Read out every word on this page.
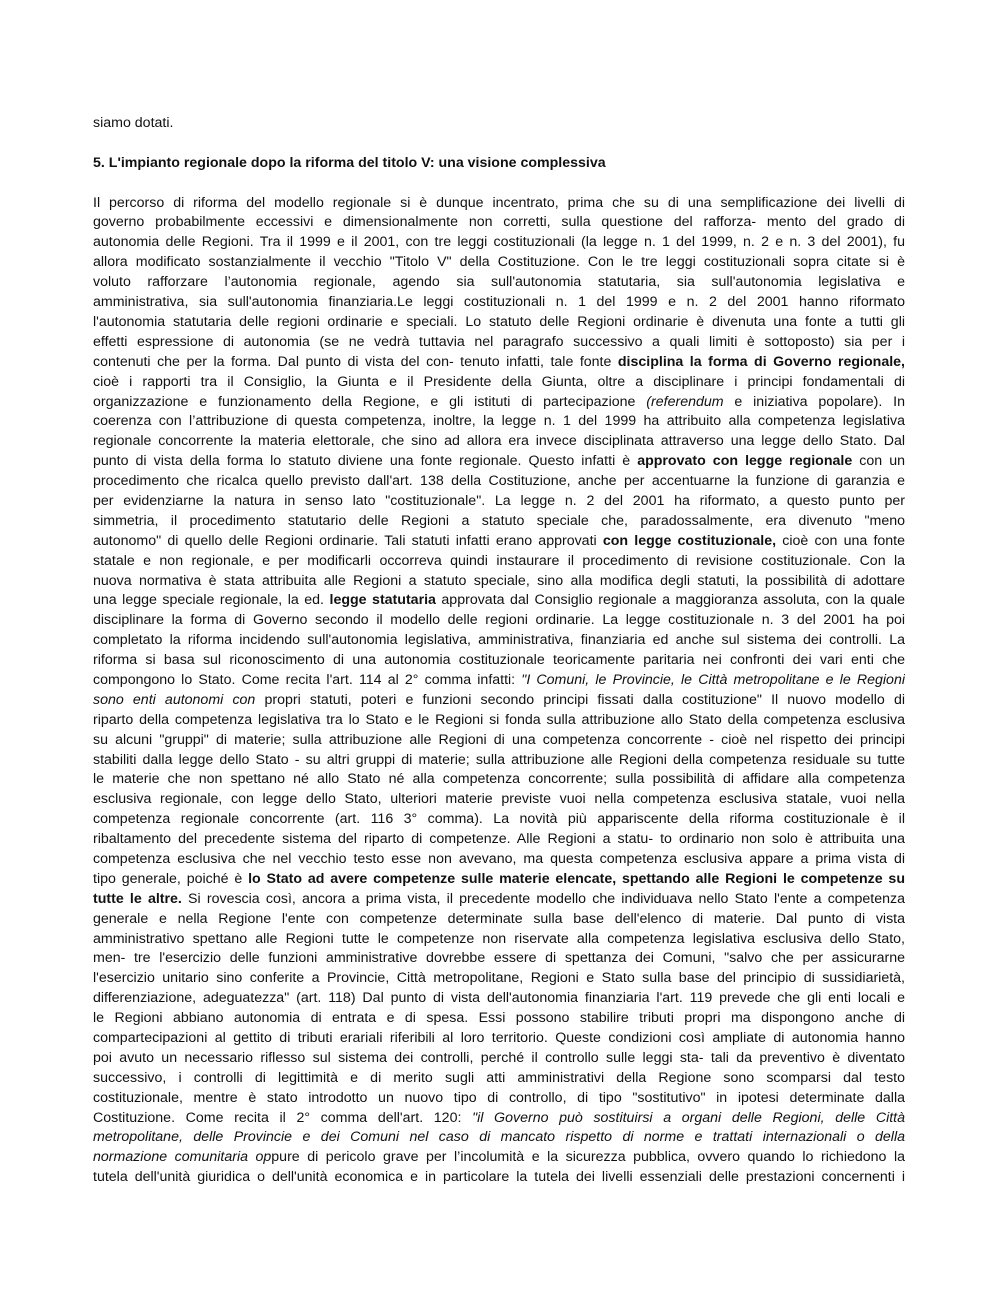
siamo dotati.
5. L'impianto regionale dopo la riforma del titolo V: una visione complessiva
Il percorso di riforma del modello regionale si è dunque incentrato, prima che su di una semplificazione dei livelli di
governo probabilmente eccessivi e dimensionalmente non corretti, sulla questione del rafforza- mento del grado di
autonomia delle Regioni. Tra il 1999 e il 2001, con tre leggi costituzionali (la legge n. 1 del 1999, n. 2 e n. 3 del 2001), fu
allora modificato sostanzialmente il vecchio "Titolo V" della Costituzione. Con le tre leggi costituzionali sopra citate si è
voluto rafforzare l’autonomia regionale, agendo sia sull'autonomia statutaria, sia sull'autonomia legislativa e
amministrativa, sia sull'autonomia finanziaria.Le leggi costituzionali n. 1 del 1999 e n. 2 del 2001 hanno riformato
l'autonomia statutaria delle regioni ordinarie e speciali. Lo statuto delle Regioni ordinarie è divenuta una fonte a tutti gli
effetti espressione di autonomia (se ne vedrà tuttavia nel paragrafo successivo a quali limiti è sottoposto) sia per i
contenuti che per la forma. Dal punto di vista del con- tenuto infatti, tale fonte disciplina la forma di Governo regionale,
cioè i rapporti tra il Consiglio, la Giunta e il Presidente della Giunta, oltre a disciplinare i principi fondamentali di
organizzazione e funzionamento della Regione, e gli istituti di partecipazione (referendum e iniziativa popolare). In
coerenza con l’attribuzione di questa competenza, inoltre, la legge n. 1 del 1999 ha attribuito alla competenza legislativa
regionale concorrente la materia elettorale, che sino ad allora era invece disciplinata attraverso una legge dello Stato. Dal
punto di vista della forma lo statuto diviene una fonte regionale. Questo infatti è approvato con legge regionale con un
procedimento che ricalca quello previsto dall'art. 138 della Costituzione, anche per accentuarne la funzione di garanzia e
per evidenziarne la natura in senso lato "costituzionale". La legge n. 2 del 2001 ha riformato, a questo punto per
simmetria, il procedimento statutario delle Regioni a statuto speciale che, paradossalmente, era divenuto "meno
autonomo" di quello delle Regioni ordinarie. Tali statuti infatti erano approvati con legge costituzionale, cioè con una fonte
statale e non regionale, e per modificarli occorreva quindi instaurare il procedimento di revisione costituzionale. Con la
nuova normativa è stata attribuita alle Regioni a statuto speciale, sino alla modifica degli statuti, la possibilità di adottare
una legge speciale regionale, la ed. legge statutaria approvata dal Consiglio regionale a maggioranza assoluta, con la quale
disciplinare la forma di Governo secondo il modello delle regioni ordinarie. La legge costituzionale n. 3 del 2001 ha poi
completato la riforma incidendo sull'autonomia legislativa, amministrativa, finanziaria ed anche sul sistema dei controlli. La
riforma si basa sul riconoscimento di una autonomia costituzionale teoricamente paritaria nei confronti dei vari enti che
compongono lo Stato. Come recita l'art. 114 al 2° comma infatti: "I Comuni, le Provincie, le Città metropolitane e le Regioni
sono enti autonomi con propri statuti, poteri e funzioni secondo principi fissati dalla costituzione" Il nuovo modello di
riparto della competenza legislativa tra lo Stato e le Regioni si fonda sulla attribuzione allo Stato della competenza esclusiva
su alcuni "gruppi" di materie; sulla attribuzione alle Regioni di una competenza concorrente - cioè nel rispetto dei principi
stabiliti dalla legge dello Stato - su altri gruppi di materie; sulla attribuzione alle Regioni della competenza residuale su tutte
le materie che non spettano né allo Stato né alla competenza concorrente; sulla possibilità di affidare alla competenza
esclusiva regionale, con legge dello Stato, ulteriori materie previste vuoi nella competenza esclusiva statale, vuoi nella
competenza regionale concorrente (art. 116 3° comma). La novità più appariscente della riforma costituzionale è il
ribaltamento del precedente sistema del riparto di competenze. Alle Regioni a statu- to ordinario non solo è attribuita una
competenza esclusiva che nel vecchio testo esse non avevano, ma questa competenza esclusiva appare a prima vista di
tipo generale, poiché è lo Stato ad avere competenze sulle materie elencate, spettando alle Regioni le competenze su
tutte le altre. Si rovescia così, ancora a prima vista, il precedente modello che individuava nello Stato l'ente a competenza
generale e nella Regione l'ente con competenze determinate sulla base dell'elenco di materie. Dal punto di vista
amministrativo spettano alle Regioni tutte le competenze non riservate alla competenza legislativa esclusiva dello Stato,
men- tre l'esercizio delle funzioni amministrative dovrebbe essere di spettanza dei Comuni, "salvo che per assicurarne
l'esercizio unitario sino conferite a Provincie, Città metropolitane, Regioni e Stato sulla base del principio di sussidiarietà,
differenziazione, adeguatezza" (art. 118) Dal punto di vista dell'autonomia finanziaria l'art. 119 prevede che gli enti locali e
le Regioni abbiano autonomia di entrata e di spesa. Essi possono stabilire tributi propri ma dispongono anche di
compartecipazioni al gettito di tributi erariali riferibili al loro territorio. Queste condizioni così ampliate di autonomia hanno
poi avuto un necessario riflesso sul sistema dei controlli, perché il controllo sulle leggi sta- tali da preventivo è diventato
successivo, i controlli di legittimità e di merito sugli atti amministrativi della Regione sono scomparsi dal testo
costituzionale, mentre è stato introdotto un nuovo tipo di controllo, di tipo "sostitutivo" in ipotesi determinate dalla
Costituzione. Come recita il 2° comma dell'art. 120: "il Governo può sostituirsi a organi delle Regioni, delle Città
metropolitane, delle Provincie e dei Comuni nel caso di mancato rispetto di norme e trattati internazionali o della
normazione comunitaria oppure di pericolo grave per l’incolumità e la sicurezza pubblica, ovvero quando lo richiedono la
tutela dell'unità giuridica o dell'unità economica e in particolare la tutela dei livelli essenziali delle prestazioni concernenti i
